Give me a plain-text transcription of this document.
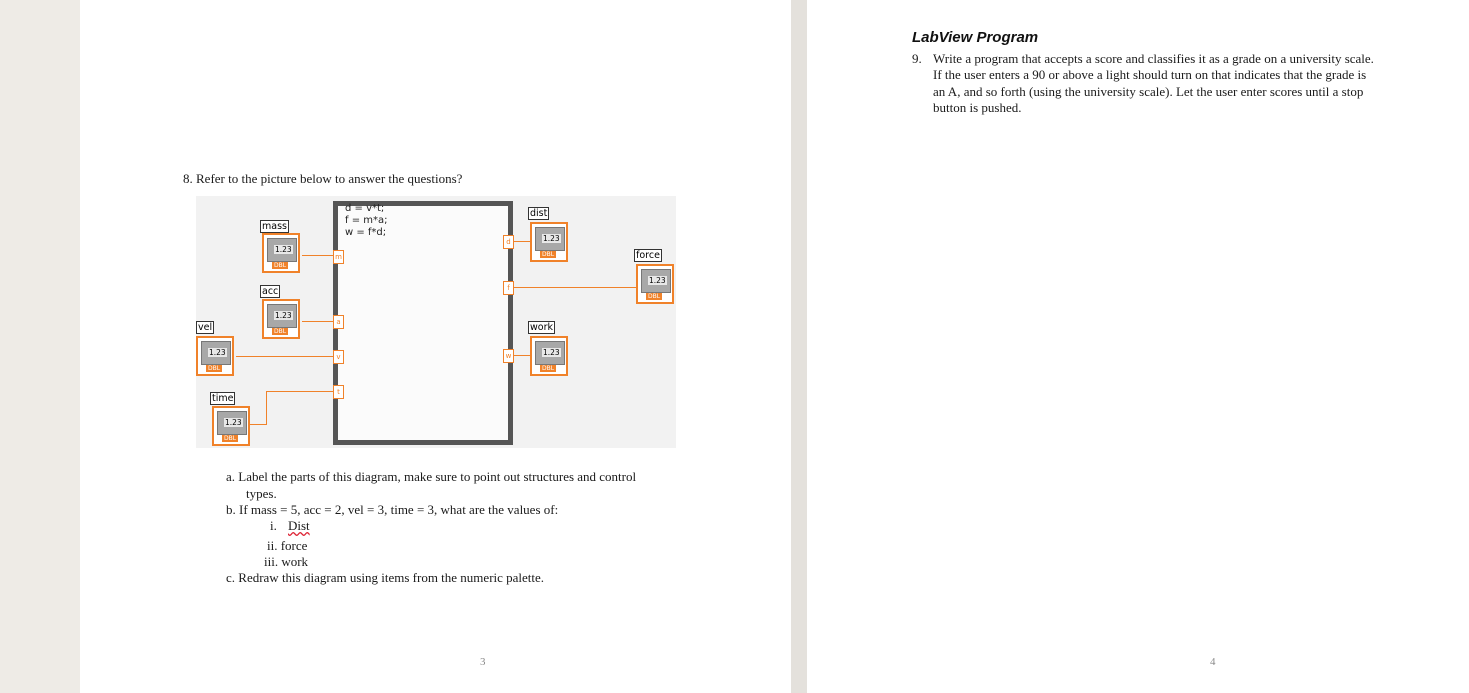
8. Refer to the picture below to answer the questions?
d = v*t;
f = m*a;
w = f*d;
m
a
v
t
d
f
w
mass
1.23
DBL
acc
1.23
DBL
vel
1.23
DBL
time
1.23
DBL
dist
1.23
DBL	force
1.23
DBL
work
1.23
DBL
a. Label the parts of this diagram, make sure to point out structures and control
types.
b. If mass = 5, acc = 2, vel = 3, time = 3, what are the values of:
i. Dist
ii. force
iii. work
c. Redraw this diagram using items from the numeric palette.
3
LabView Program
9. Write a program that accepts a score and classifies it as a grade on a university scale.
If the user enters a 90 or above a light should turn on that indicates that the grade is
an A, and so forth (using the university scale). Let the user enter scores until a stop
button is pushed.
4
